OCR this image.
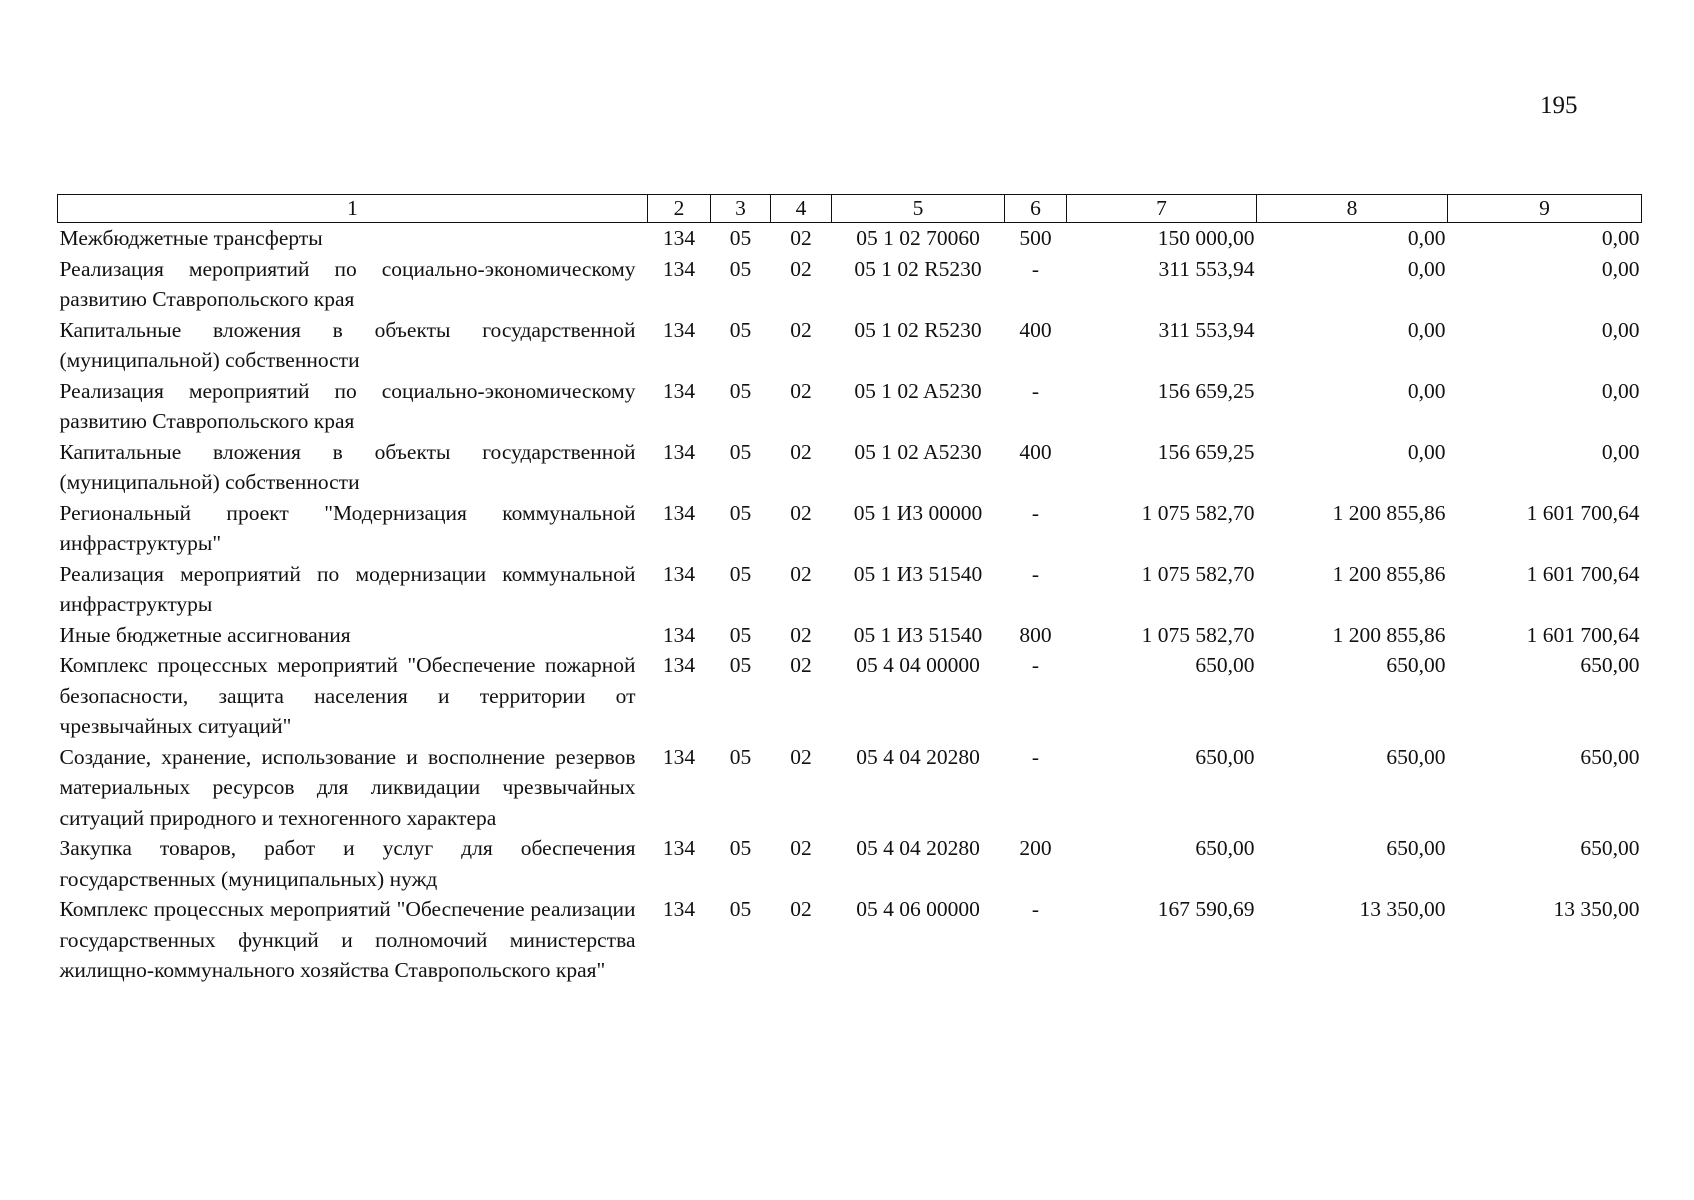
195
1	2	3	4	5	6	7	8	9
Межбюджетные трансферты	134	05	02	05 1 02 70060	500	150 000,00	0,00	0,00
Реализация мероприятий по социально-экономическому развитию Ставропольского края	134	05	02	05 1 02 R5230	-	311 553,94	0,00	0,00
Капитальные вложения в объекты государственной (муниципальной) собственности	134	05	02	05 1 02 R5230	400	311 553,94	0,00	0,00
Реализация мероприятий по социально-экономическому развитию Ставропольского края	134	05	02	05 1 02 A5230	-	156 659,25	0,00	0,00
Капитальные вложения в объекты государственной (муниципальной) собственности	134	05	02	05 1 02 A5230	400	156 659,25	0,00	0,00
Региональный проект "Модернизация коммунальной инфраструктуры"	134	05	02	05 1 И3 00000	-	1 075 582,70	1 200 855,86	1 601 700,64
Реализация мероприятий по модернизации коммунальной инфраструктуры	134	05	02	05 1 И3 51540	-	1 075 582,70	1 200 855,86	1 601 700,64
Иные бюджетные ассигнования	134	05	02	05 1 И3 51540	800	1 075 582,70	1 200 855,86	1 601 700,64
Комплекс процессных мероприятий "Обеспечение пожарной безопасности, защита населения и территории от чрезвычайных ситуаций"	134	05	02	05 4 04 00000	-	650,00	650,00	650,00
Создание, хранение, использование и восполнение резервов материальных ресурсов для ликвидации чрезвычайных ситуаций природного и техногенного характера	134	05	02	05 4 04 20280	-	650,00	650,00	650,00
Закупка товаров, работ и услуг для обеспечения государственных (муниципальных) нужд	134	05	02	05 4 04 20280	200	650,00	650,00	650,00
Комплекс процессных мероприятий "Обеспечение реализации государственных функций и полномочий министерства жилищно-коммунального хозяйства Ставропольского края"	134	05	02	05 4 06 00000	-	167 590,69	13 350,00	13 350,00
